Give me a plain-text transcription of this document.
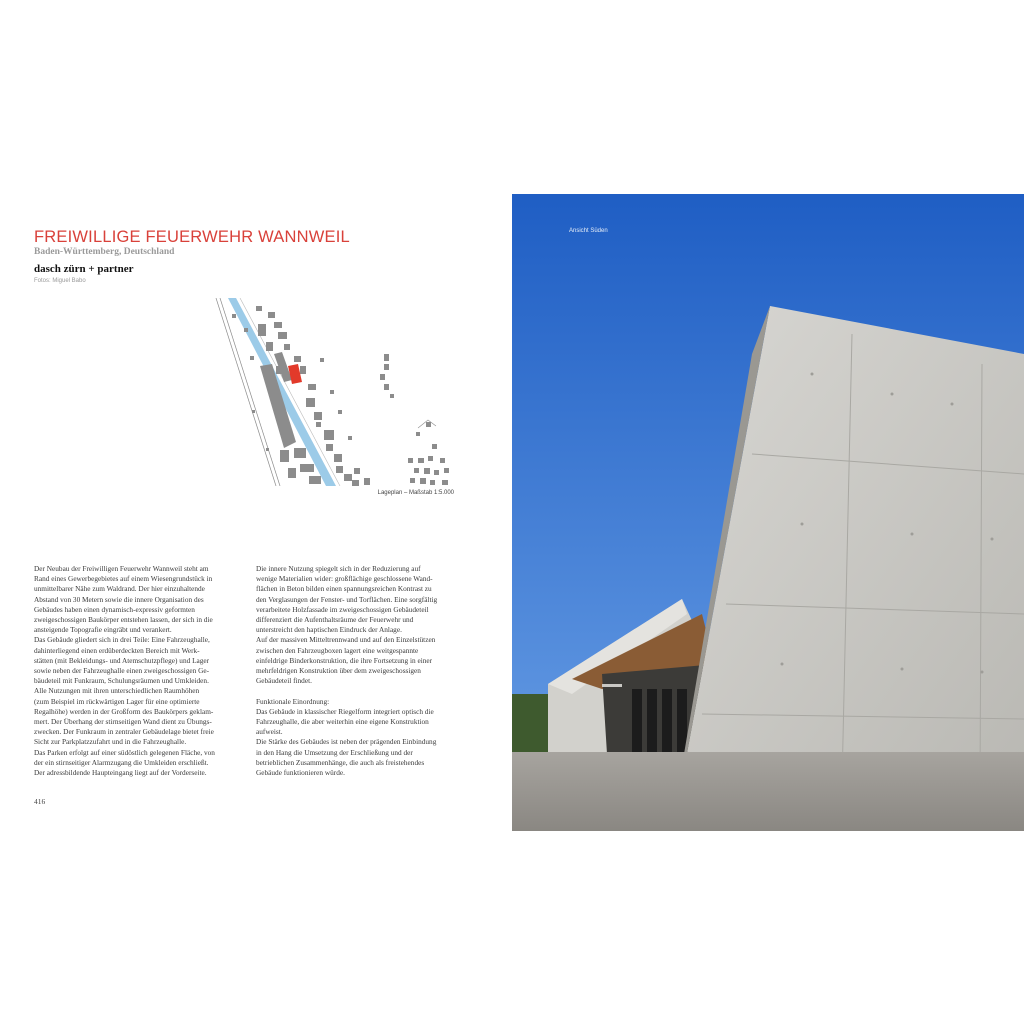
FREIWILLIGE FEUERWEHR WANNWEIL
Baden-Württemberg, Deutschland
dasch zürn + partner
Fotos: Miguel Babo
Lageplan – Maßstab 1:5.000
Der Neubau der Freiwilligen Feuerwehr Wannweil steht am
Rand eines Gewerbegebietes auf einem Wiesengrundstück in
unmittelbarer Nähe zum Waldrand. Der hier einzuhaltende
Abstand von 30 Metern sowie die innere Organisation des
Gebäudes haben einen dynamisch-expressiv geformten
zweigeschossigen Baukörper entstehen lassen, der sich in die
ansteigende Topografie eingräbt und verankert.
Das Gebäude gliedert sich in drei Teile: Eine Fahrzeughalle,
dahinterliegend einen erdüberdeckten Bereich mit Werk-
stätten (mit Bekleidungs- und Atemschutzpflege) und Lager
sowie neben der Fahrzeughalle einen zweigeschossigen Ge-
bäudeteil mit Funkraum, Schulungsräumen und Umkleiden.
Alle Nutzungen mit ihren unterschiedlichen Raumhöhen
(zum Beispiel im rückwärtigen Lager für eine optimierte
Regalhöhe) werden in der Großform des Baukörpers geklam-
mert. Der Überhang der stirnseitigen Wand dient zu Übungs-
zwecken. Der Funkraum in zentraler Gebäudelage bietet freie
Sicht zur Parkplatzzufahrt und in die Fahrzeughalle.
Das Parken erfolgt auf einer südöstlich gelegenen Fläche, von
der ein stirnseitiger Alarmzugang die Umkleiden erschließt.
Der adressbildende Haupteingang liegt auf der Vorderseite.
Die innere Nutzung spiegelt sich in der Reduzierung auf
wenige Materialien wider: großflächige geschlossene Wand-
flächen in Beton bilden einen spannungsreichen Kontrast zu
den Verglasungen der Fenster- und Torflächen. Eine sorgfältig
verarbeitete Holzfassade im zweigeschossigen Gebäudeteil
differenziert die Aufenthaltsräume der Feuerwehr und
unterstreicht den haptischen Eindruck der Anlage.
Auf der massiven Mitteltrennwand und auf den Einzelstützen
zwischen den Fahrzeugboxen lagert eine weitgespannte
einfeldrige Binderkonstruktion, die ihre Fortsetzung in einer
mehrfeldrigen Konstruktion über dem zweigeschossigen
Gebäudeteil findet.

Funktionale Einordnung:
Das Gebäude in klassischer Riegelform integriert optisch die
Fahrzeughalle, die aber weiterhin eine eigene Konstruktion
aufweist.
Die Stärke des Gebäudes ist neben der prägenden Einbindung
in den Hang die Umsetzung der Erschließung und der
betrieblichen Zusammenhänge, die auch als freistehendes
Gebäude funktionieren würde.
416
Ansicht Süden
